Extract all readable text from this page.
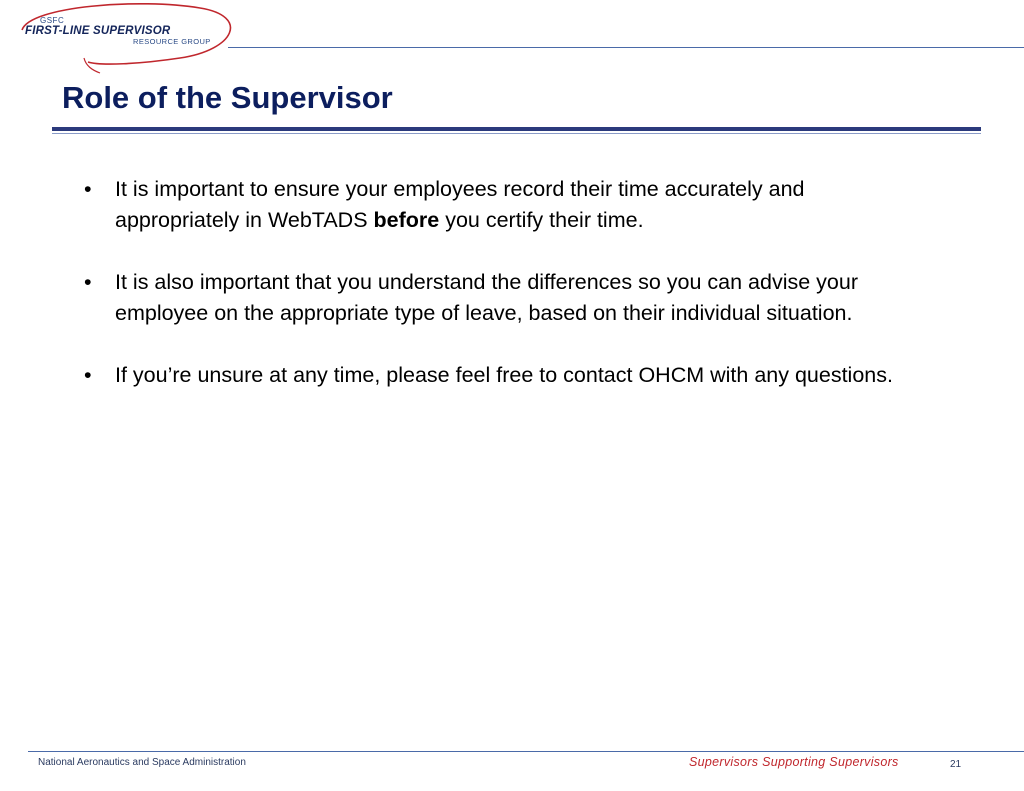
GSFC
FIRST-LINE SUPERVISOR
RESOURCE GROUP
Role of the Supervisor
• It is important to ensure your employees record their time accurately and appropriately in WebTADS before you certify their time.
• It is also important that you understand the differences so you can advise your employee on the appropriate type of leave, based on their individual situation.
• If you’re unsure at any time, please feel free to contact OHCM with any questions.
National Aeronautics and Space Administration	Supervisors Supporting Supervisors	21
